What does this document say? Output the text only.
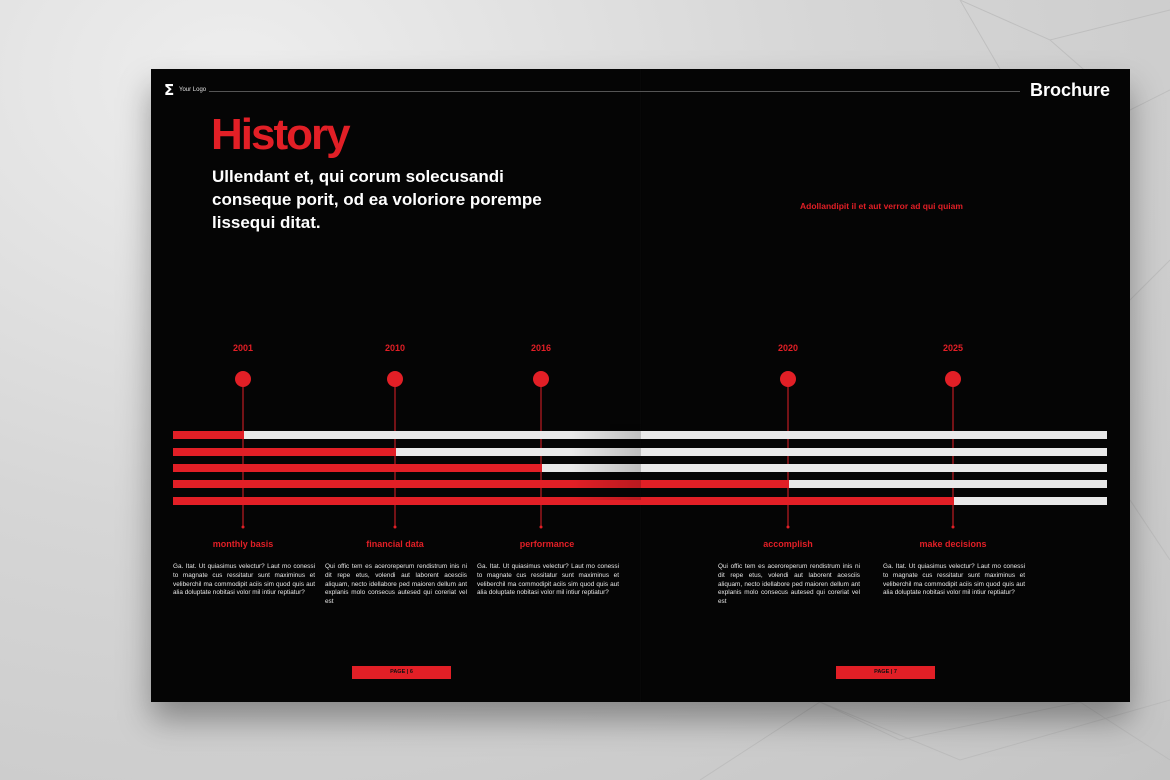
Σ Your Logo	Brochure
History
Ullendant et, qui corum solecusandi conseque porit, od ea voloriore porempe lissequi ditat.
Adollandipit il et aut verror ad qui quiam
2001	2010	2016	2020	2025
monthly basis	financial data	performance	accomplish	make decisions
Ga. Itat. Ut quiasimus velectur? Laut mo conessi to magnate cus ressitatur sunt maximinus et veliberchil ma commodipit aciis sim quod quis aut alia doluptate nobitasi volor mil intiur reptiatur?
Qui offic tem es aceroreperum rendistrum inis ni dit repe etus, volendi aut laborent acesciis aliquam, necto idellabore ped maioren dellum ant explanis molo consecus autesed qui coreriat vel est
Ga. Itat. Ut quiasimus velectur? Laut mo conessi to magnate cus ressitatur sunt maximinus et veliberchil ma commodipit aciis sim quod quis aut alia doluptate nobitasi volor mil intiur reptiatur?
Qui offic tem es aceroreperum rendistrum inis ni dit repe etus, volendi aut laborent acesciis aliquam, necto idellabore ped maioren dellum ant explanis molo consecus autesed qui coreriat vel est
Ga. Itat. Ut quiasimus velectur? Laut mo conessi to magnate cus ressitatur sunt maximinus et veliberchil ma commodipit aciis sim quod quis aut alia doluptate nobitasi volor mil intiur reptiatur?
PAGE | 6	PAGE | 7
